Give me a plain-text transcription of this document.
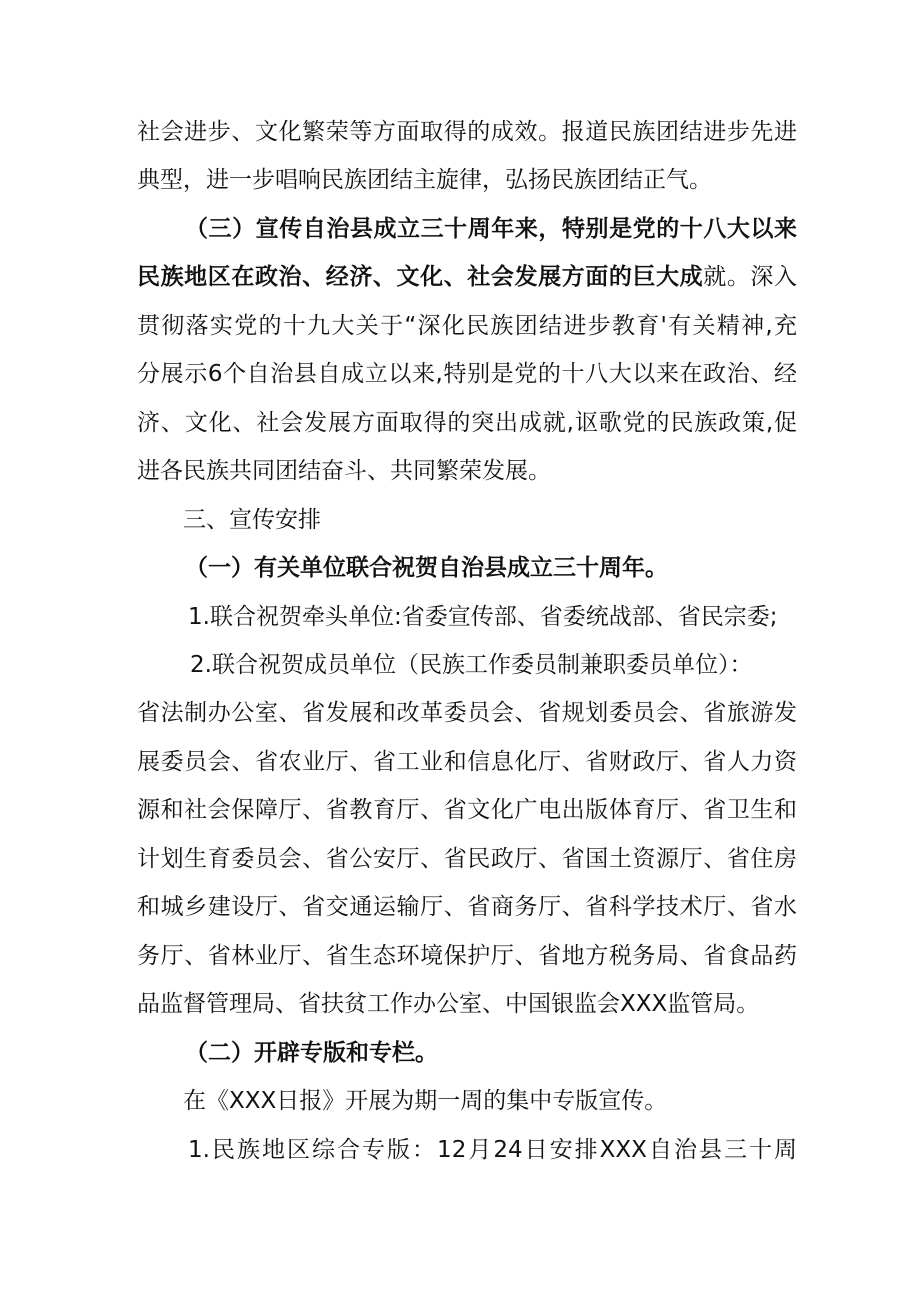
社会进步、文化繁荣等方面取得的成效。报道民族团结进步先进
典型，进一步唱响民族团结主旋律，弘扬民族团结正气。
（三）宣传自治县成立三十周年来，特别是党的十八大以来
民族地区在政治、经济、文化、社会发展方面的巨大成就。深入
贯彻落实党的十九大关于“深化民族团结进步教育'有关精神,充
分展示6个自治县自成立以来,特别是党的十八大以来在政治、经
济、文化、社会发展方面取得的突出成就,讴歌党的民族政策,促
进各民族共同团结奋斗、共同繁荣发展。
三、宣传安排
（一）有关单位联合祝贺自治县成立三十周年。
1.联合祝贺牵头单位:省委宣传部、省委统战部、省民宗委;
2.联合祝贺成员单位（民族工作委员制兼职委员单位）：
省法制办公室、省发展和改革委员会、省规划委员会、省旅游发
展委员会、省农业厅、省工业和信息化厅、省财政厅、省人力资
源和社会保障厅、省教育厅、省文化广电出版体育厅、省卫生和
计划生育委员会、省公安厅、省民政厅、省国土资源厅、省住房
和城乡建设厅、省交通运输厅、省商务厅、省科学技术厅、省水
务厅、省林业厅、省生态环境保护厅、省地方税务局、省食品药
品监督管理局、省扶贫工作办公室、中国银监会XXX监管局。
（二）开辟专版和专栏。
在《XXX日报》开展为期一周的集中专版宣传。
1.民族地区综合专版：12月24日安排XXX自治县三十周
